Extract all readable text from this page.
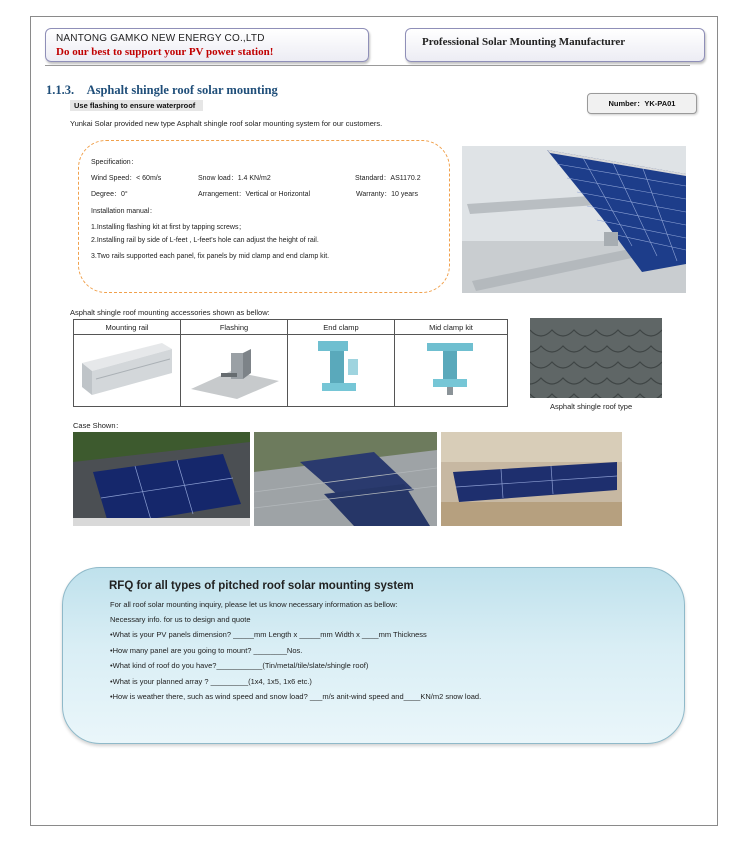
NANTONG GAMKO NEW ENERGY CO.,LTD
Do our best to support your PV power station!
Professional Solar Mounting Manufacturer
1.1.3. Asphalt shingle roof solar mounting
Use flashing to ensure waterproof	Number：YK-PA01
Yunkai Solar provided new type Asphalt shingle roof solar mounting system for our customers.
Specification：
Wind Speed：< 60m/s	Snow load：1.4 KN/m2	Standard：AS1170.2
Degree：0°	Arrangement：Vertical or Horizontal	Warranty：10 years
Installation manual：
1.Installing flashing kit at first by tapping screws；
2.Installing rail by side of L-feet , L-feet's hole can adjust the height of rail.
3.Two rails supported each panel, fix panels by mid clamp and end clamp kit.
Asphalt shingle roof mounting accessories shown as bellow:
Mounting rail	Flashing	End clamp	Mid clamp kit

Asphalt shingle roof type
Case Shown：
RFQ for all types of pitched roof solar mounting system
For all roof solar mounting inquiry, please let us know necessary information as bellow:
Necessary info. for us to design and quote
•What is your PV panels dimension? _____mm Length x _____mm Width x ____mm Thickness
•How many panel are you going to mount? ________Nos.
•What kind of roof do you have?___________(Tin/metal/tile/slate/shingle roof)
•What is your planned array ? _________(1x4, 1x5, 1x6 etc.)
•How is weather there, such as wind speed and snow load? ___m/s anit-wind speed and____KN/m2 snow load.
